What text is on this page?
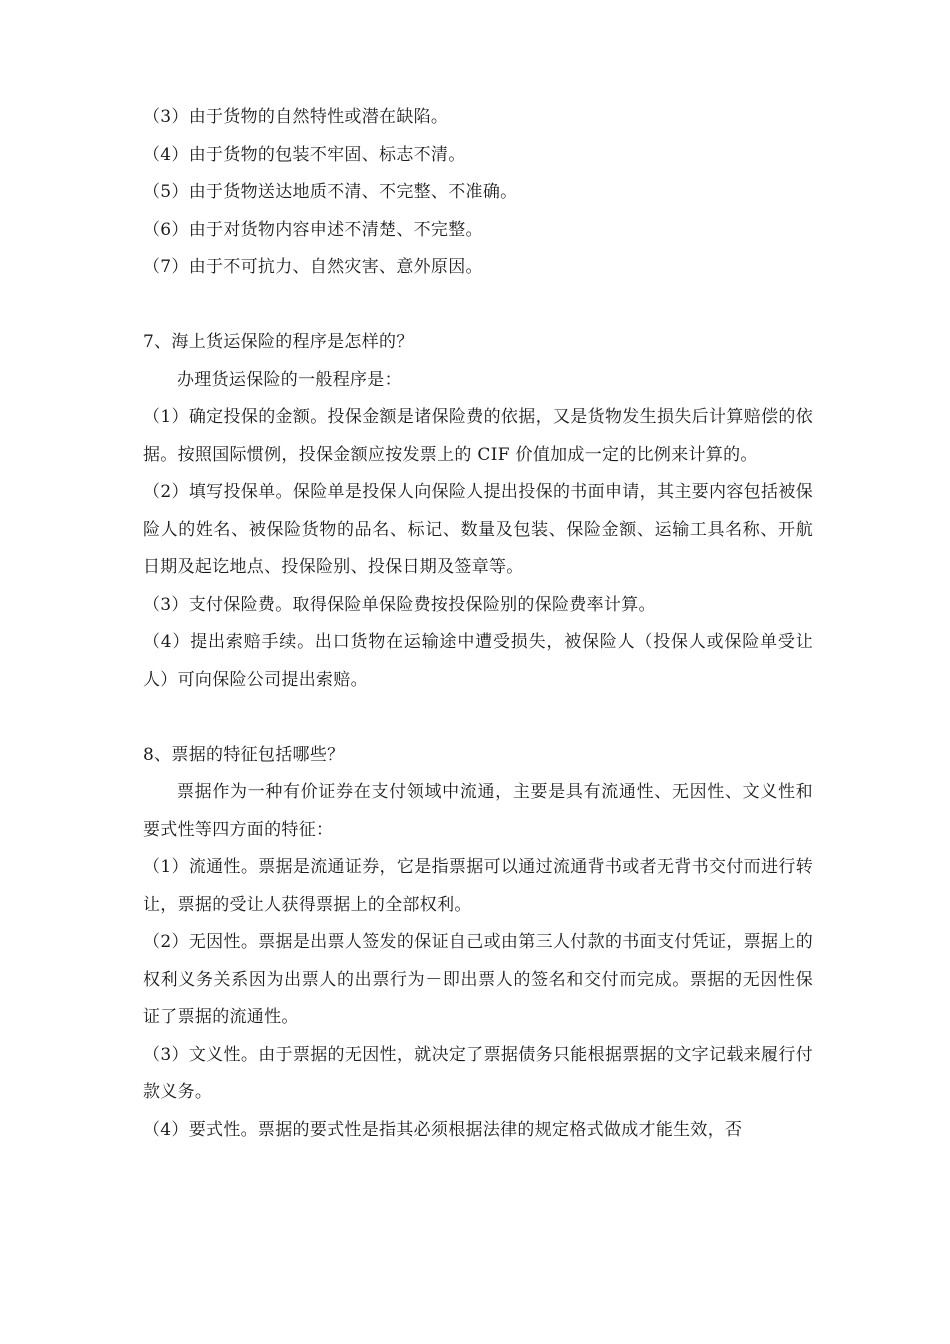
（3）由于货物的自然特性或潜在缺陷。

（4）由于货物的包装不牢固、标志不清。

（5）由于货物送达地质不清、不完整、不准确。

（6）由于对货物内容申述不清楚、不完整。

（7）由于不可抗力、自然灾害、意外原因。

7、海上货运保险的程序是怎样的？

办理货运保险的一般程序是：

（1）确定投保的金额。投保金额是诸保险费的依据，又是货物发生损失后计算赔偿的依据。按照国际惯例，投保金额应按发票上的 CIF 价值加成一定的比例来计算的。

（2）填写投保单。保险单是投保人向保险人提出投保的书面申请，其主要内容包括被保险人的姓名、被保险货物的品名、标记、数量及包装、保险金额、运输工具名称、开航日期及起讫地点、投保险别、投保日期及签章等。

（3）支付保险费。取得保险单保险费按投保险别的保险费率计算。

（4）提出索赔手续。出口货物在运输途中遭受损失，被保险人（投保人或保险单受让人）可向保险公司提出索赔。

8、票据的特征包括哪些？

票据作为一种有价证券在支付领域中流通，主要是具有流通性、无因性、文义性和要式性等四方面的特征：

（1）流通性。票据是流通证券，它是指票据可以通过流通背书或者无背书交付而进行转让，票据的受让人获得票据上的全部权利。

（2）无因性。票据是出票人签发的保证自己或由第三人付款的书面支付凭证，票据上的权利义务关系因为出票人的出票行为－即出票人的签名和交付而完成。票据的无因性保证了票据的流通性。

（3）文义性。由于票据的无因性，就决定了票据债务只能根据票据的文字记载来履行付款义务。

（4）要式性。票据的要式性是指其必须根据法律的规定格式做成才能生效，否
